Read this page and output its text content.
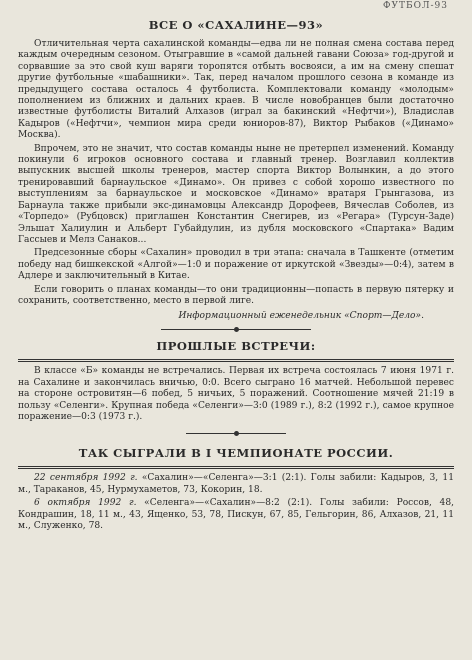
ФУТБОЛ-93
ВСЕ О «САХАЛИНЕ—93»

Отличительная черта сахалинской команды—едва ли не полная смена состава перед каждым очередным сезоном. Отыгравшие в «самой дальней гавани Союза» год-другой и сорвавшие за это свой куш варяги торопятся отбыть восвояси, а им на смену спешат другие футбольные «шабашники». Так, перед началом прошлого сезона в команде из предыдущего состава осталось 4 футболиста. Комплектовали команду «молодым» пополнением из ближних и дальних краев. В числе новобранцев были достаточно известные футболисты Виталий Алхазов (играл за бакинский «Нефтчи»), Владислав Кадыров («Нефтчи», чемпион мира среди юниоров-87), Виктор Рыбаков («Динамо» Москва).

Впрочем, это не значит, что состав команды ныне не претерпел изменений. Команду покинули 6 игроков основного состава и главный тренер. Возглавил коллектив выпускник высшей школы тренеров, мастер спорта Виктор Волынкин, а до этого тренировавший барнаульское «Динамо». Он привез с собой хорошо известного по выступлениям за барнаульское и московское «Динамо» вратаря Грынгазова, из Барнаула также прибыли экс-динамовцы Александр Дорофеев, Вячеслав Соболев, из «Торпедо» (Рубцовск) приглашен Константин Снегирев, из «Регара» (Турсун-Заде) Эльшат Халиулин и Альберт Губайдулин, из дубля московского «Спартака» Вадим Гассыев и Мелз Санаков...

Предсезонные сборы «Сахалин» проводил в три этапа: сначала в Ташкенте (отметим победу над бишкекской «Алгой»—1:0 и поражение от иркутской «Звезды»—0:4), затем в Адлере и заключительный в Китае.

Если говорить о планах команды—то они традиционны—попасть в первую пятерку и сохранить, соответственно, место в первой лиге.

Информационный еженедельник «Спорт—Дело».
ПРОШЛЫЕ ВСТРЕЧИ:

В классе «Б» команды не встречались. Первая их встреча состоялась 7 июня 1971 г. на Сахалине и закончилась вничью, 0:0. Всего сыграно 16 матчей. Небольшой перевес на стороне островитян—6 побед, 5 ничьих, 5 поражений. Соотношение мячей 21:19 в пользу «Селенги». Крупная победа «Селенги»—3:0 (1989 г.), 8:2 (1992 г.), самое крупное поражение—0:3 (1973 г.).

ТАК СЫГРАЛИ В I ЧЕМПИОНАТЕ РОССИИ.

22 сентября 1992 г. «Сахалин»—«Селенга»—3:1 (2:1). Голы забили: Кадыров, 3, 11 м., Тараканов, 45, Нурмухаметов, 73, Кокорин, 18.

6 октября 1992 г. «Селенга»—«Сахалин»—8:2 (2:1). Голы забили: Россов, 48, Кондрашин, 18, 11 м., 43, Ященко, 53, 78, Пискун, 67, 85, Гельгорин, 86, Алхазов, 21, 11 м., Служенко, 78.
